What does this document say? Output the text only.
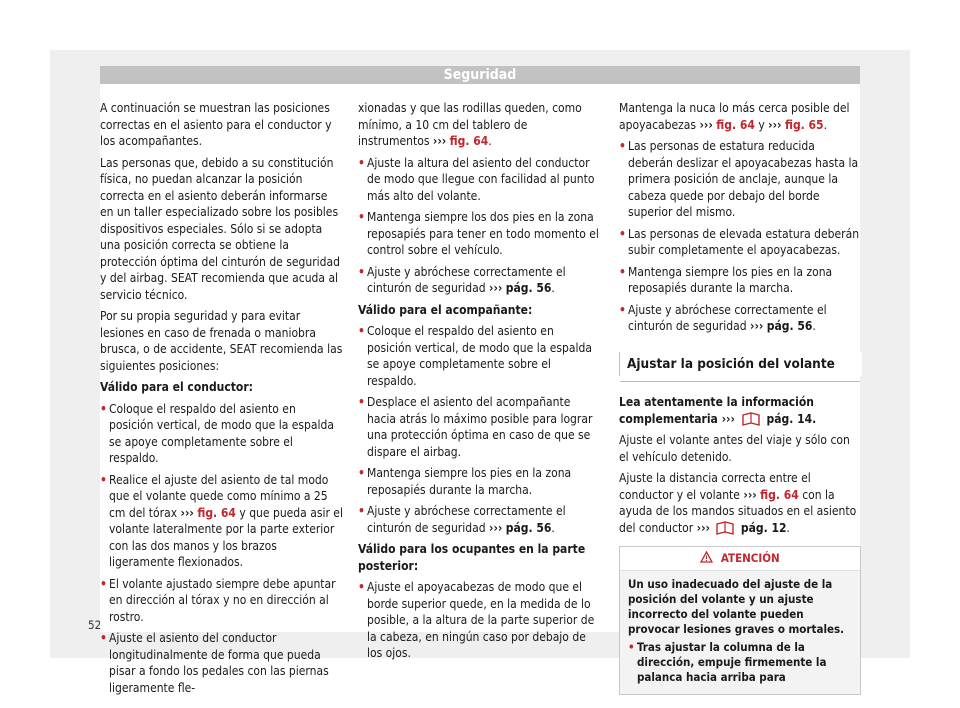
Seguridad

A continuación se muestran las posiciones correctas en el asiento para el conductor y los acompañantes.

Las personas que, debido a su constitución física, no puedan alcanzar la posición correcta en el asiento deberán informarse en un taller especializado sobre los posibles dispositivos especiales. Sólo si se adopta una posición correcta se obtiene la protección óptima del cinturón de seguridad y del airbag. SEAT recomienda que acuda al servicio técnico.

Por su propia seguridad y para evitar lesiones en caso de frenada o maniobra brusca, o de accidente, SEAT recomienda las siguientes posiciones:

Válido para el conductor:

• Coloque el respaldo del asiento en posición vertical, de modo que la espalda se apoye completamente sobre el respaldo.

• Realice el ajuste del asiento de tal modo que el volante quede como mínimo a 25 cm del tórax ››› fig. 64 y que pueda asir el volante lateralmente por la parte exterior con las dos manos y los brazos ligeramente flexionados.

• El volante ajustado siempre debe apuntar en dirección al tórax y no en dirección al rostro.

• Ajuste el asiento del conductor longitudinalmente de forma que pueda pisar a fondo los pedales con las piernas ligeramente fle-

xionadas y que las rodillas queden, como mínimo, a 10 cm del tablero de instrumentos ››› fig. 64.

• Ajuste la altura del asiento del conductor de modo que llegue con facilidad al punto más alto del volante.

• Mantenga siempre los dos pies en la zona reposapiés para tener en todo momento el control sobre el vehículo.

• Ajuste y abróchese correctamente el cinturón de seguridad ››› pág. 56.

Válido para el acompañante:

• Coloque el respaldo del asiento en posición vertical, de modo que la espalda se apoye completamente sobre el respaldo.

• Desplace el asiento del acompañante hacia atrás lo máximo posible para lograr una protección óptima en caso de que se dispare el airbag.

• Mantenga siempre los pies en la zona reposapiés durante la marcha.

• Ajuste y abróchese correctamente el cinturón de seguridad ››› pág. 56.

Válido para los ocupantes en la parte posterior:

• Ajuste el apoyacabezas de modo que el borde superior quede, en la medida de lo posible, a la altura de la parte superior de la cabeza, en ningún caso por debajo de los ojos.

Mantenga la nuca lo más cerca posible del apoyacabezas ››› fig. 64 y ››› fig. 65.

• Las personas de estatura reducida deberán deslizar el apoyacabezas hasta la primera posición de anclaje, aunque la cabeza quede por debajo del borde superior del mismo.

• Las personas de elevada estatura deberán subir completamente el apoyacabezas.

• Mantenga siempre los pies en la zona reposapiés durante la marcha.

• Ajuste y abróchese correctamente el cinturón de seguridad ››› pág. 56.

Ajustar la posición del volante

Lea atentamente la información complementaria ›››	pág. 14.

Ajuste el volante antes del viaje y sólo con el vehículo detenido.

Ajuste la distancia correcta entre el conductor y el volante ››› fig. 64 con la ayuda de los mandos situados en el asiento del conductor ›››	pág. 12.

ATENCIÓN

Un uso inadecuado del ajuste de la posición del volante y un ajuste incorrecto del volante pueden provocar lesiones graves o mortales.

• Tras ajustar la columna de la dirección, empuje firmemente la palanca hacia arriba para

52
